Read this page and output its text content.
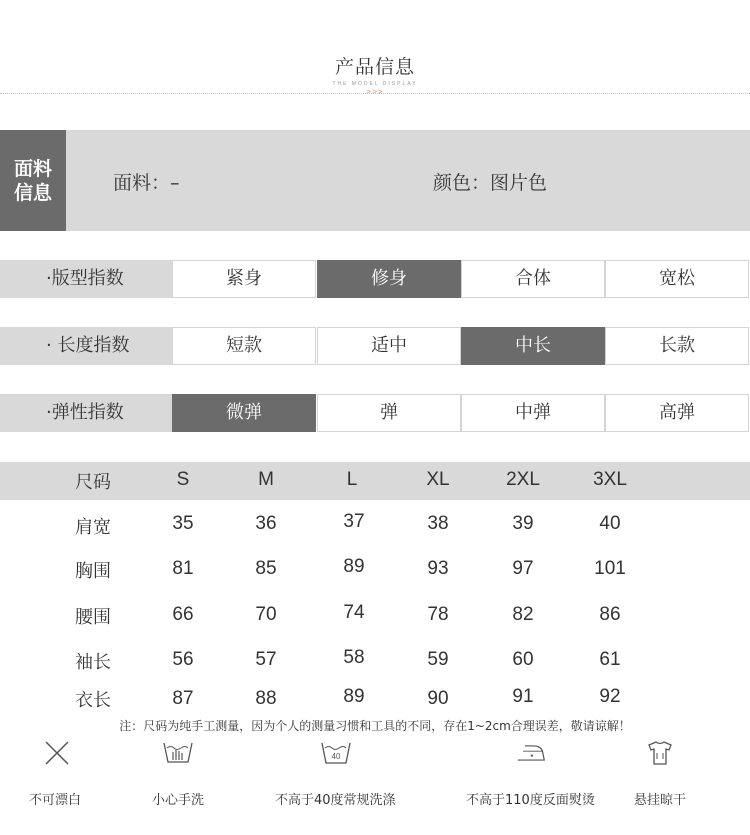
产品信息
THE MODEL DISPLAY
>>>
面料
信息	面料：–	颜色：图片色
·版型指数	紧身	修身	合体	宽松
· 长度指数	短款	适中	中长	长款
·弹性指数	微弹	弹	中弹	高弹
尺码	S	M	L	XL	2XL	3XL
肩宽	35	36	37	38	39	40
胸围	81	85	89	93	97	101
腰围	66	70	74	78	82	86
袖长	56	57	58	59	60	61
衣长	87	88	89	90	91	92
注：尺码为纯手工测量，因为个人的测量习惯和工具的不同，存在1~2cm合理误差，敬请谅解！
40
不可漂白	小心手洗	不高于40度常规洗涤	不高于110度反面熨烫	悬挂晾干
